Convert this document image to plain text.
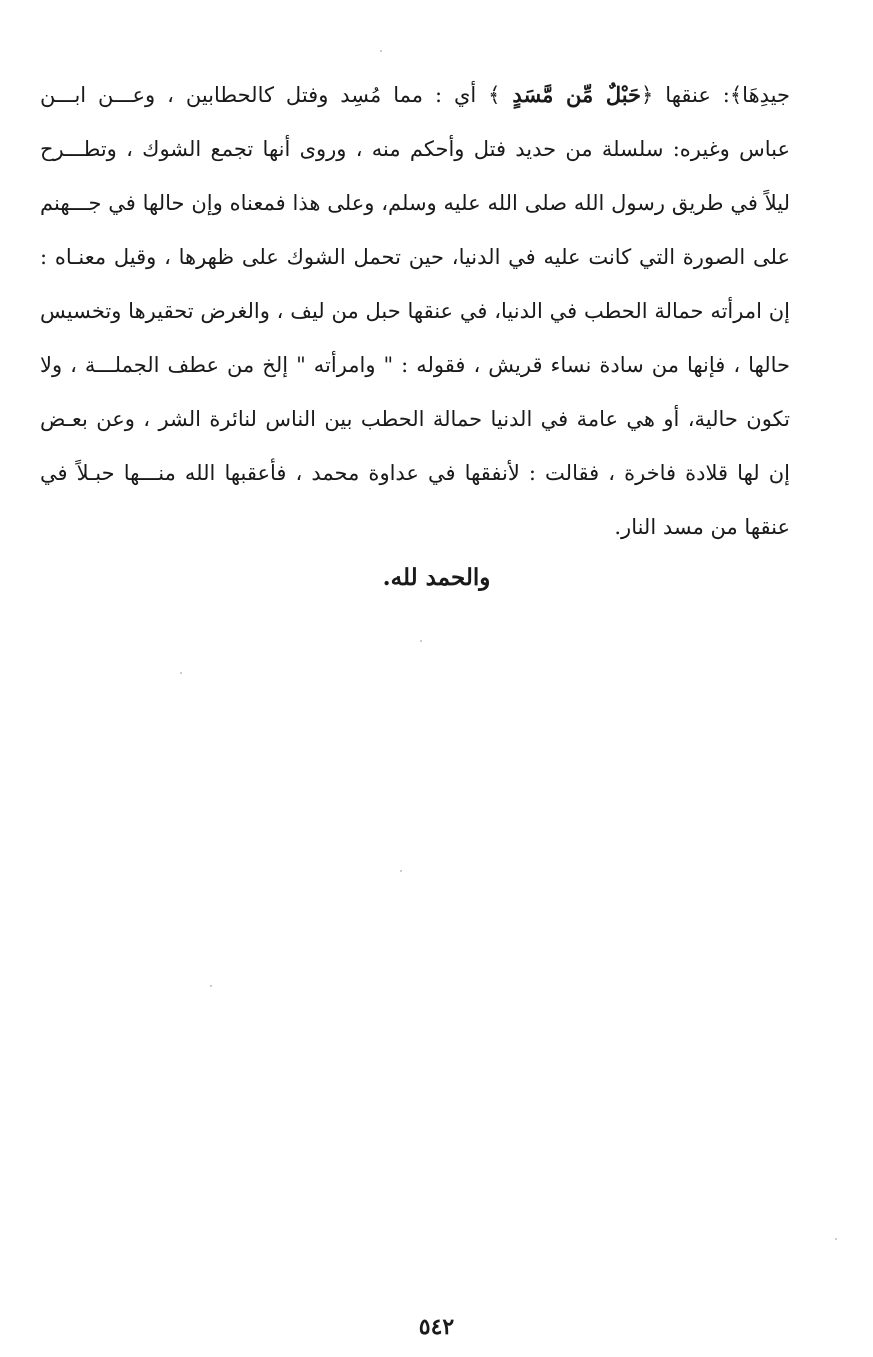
جيدِهَا﴾: عنقها ﴿حَبْلٌ مِّن مَّسَدٍ ﴾ أي : مما مُسِد وفتل كالحطابين ، وعـــن ابـــن
عباس وغيره: سلسلة من حديد فتل وأحكم منه ، وروى أنها تجمع الشوك ، وتطـــرح
ليلاً في طريق رسول الله صلى الله عليه وسلم، وعلى هذا فمعناه وإن حالها في جـــهنم
على الصورة التي كانت عليه في الدنيا، حين تحمل الشوك على ظهرها ، وقيل معنـاه :
إن امرأته حمالة الحطب في الدنيا، في عنقها حبل من ليف ، والغرض تحقيرها وتخسيس
حالها ، فإنها من سادة نساء قريش ، فقوله : " وامرأته " إلخ من عطف الجملـــة ، ولا
تكون حالية، أو هي عامة في الدنيا حمالة الحطب بين الناس لنائرة الشر ، وعن بعـض
إن لها قلادة فاخرة ، فقالت : لأنفقها في عداوة محمد ، فأعقبها الله منـــها حبـلاً في
عنقها من مسد النار.
والحمد لله.
٥٤٢
